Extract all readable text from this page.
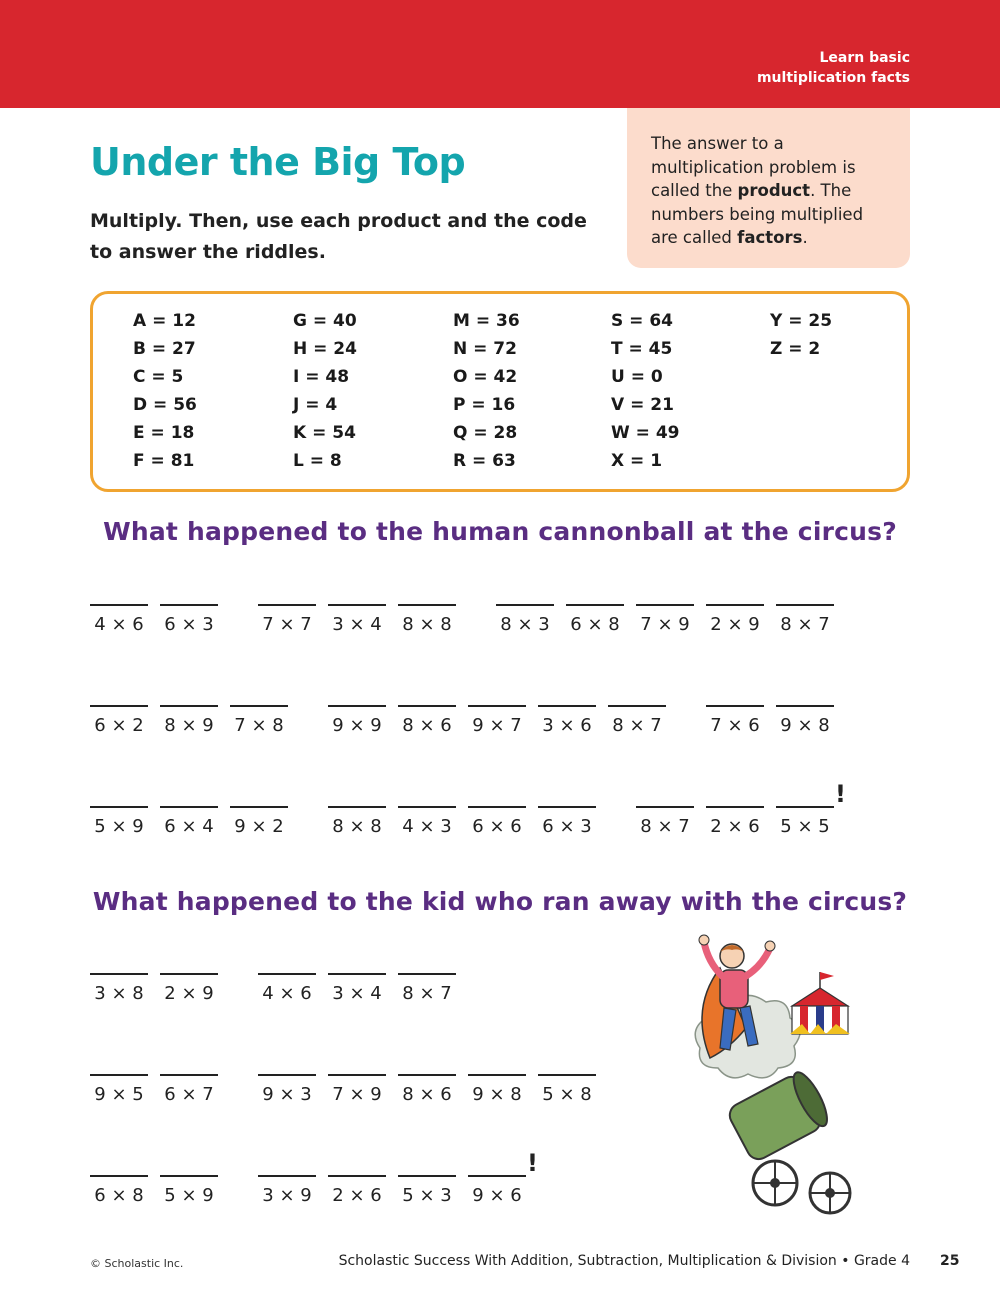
Learn basic
multiplication facts
Under the Big Top

Multiply. Then, use each product and the code to answer the riddles.

The answer to a multiplication problem is called the product. The numbers being multiplied are called factors.
A = 12
B = 27
C = 5
D = 56
E = 18
F = 81
G = 40
H = 24
I = 48
J = 4
K = 54
L = 8
M = 36
N = 72
O = 42
P = 16
Q = 28
R = 63
S = 64
T = 45
U = 0
V = 21
W = 49
X = 1
Y = 25
Z = 2
What happened to the human cannonball at the circus?
4 × 6	6 × 3	7 × 7	3 × 4	8 × 8	8 × 3	6 × 8	7 × 9	2 × 9	8 × 7
6 × 2	8 × 9	7 × 8	9 × 9	8 × 6	9 × 7	3 × 6	8 × 7	7 × 6	9 × 8
5 × 9	6 × 4	9 × 2	8 × 8	4 × 3	6 × 6	6 × 3	8 × 7	2 × 6	5 × 5
!
What happened to the kid who ran away with the circus?
3 × 8	2 × 9	4 × 6	3 × 4	8 × 7
9 × 5	6 × 7	9 × 3	7 × 9	8 × 6	9 × 8	5 × 8
6 × 8	5 × 9	3 × 9	2 × 6	5 × 3	9 × 6
!
© Scholastic Inc.	Scholastic Success With Addition, Subtraction, Multiplication & Division • Grade 4 25
